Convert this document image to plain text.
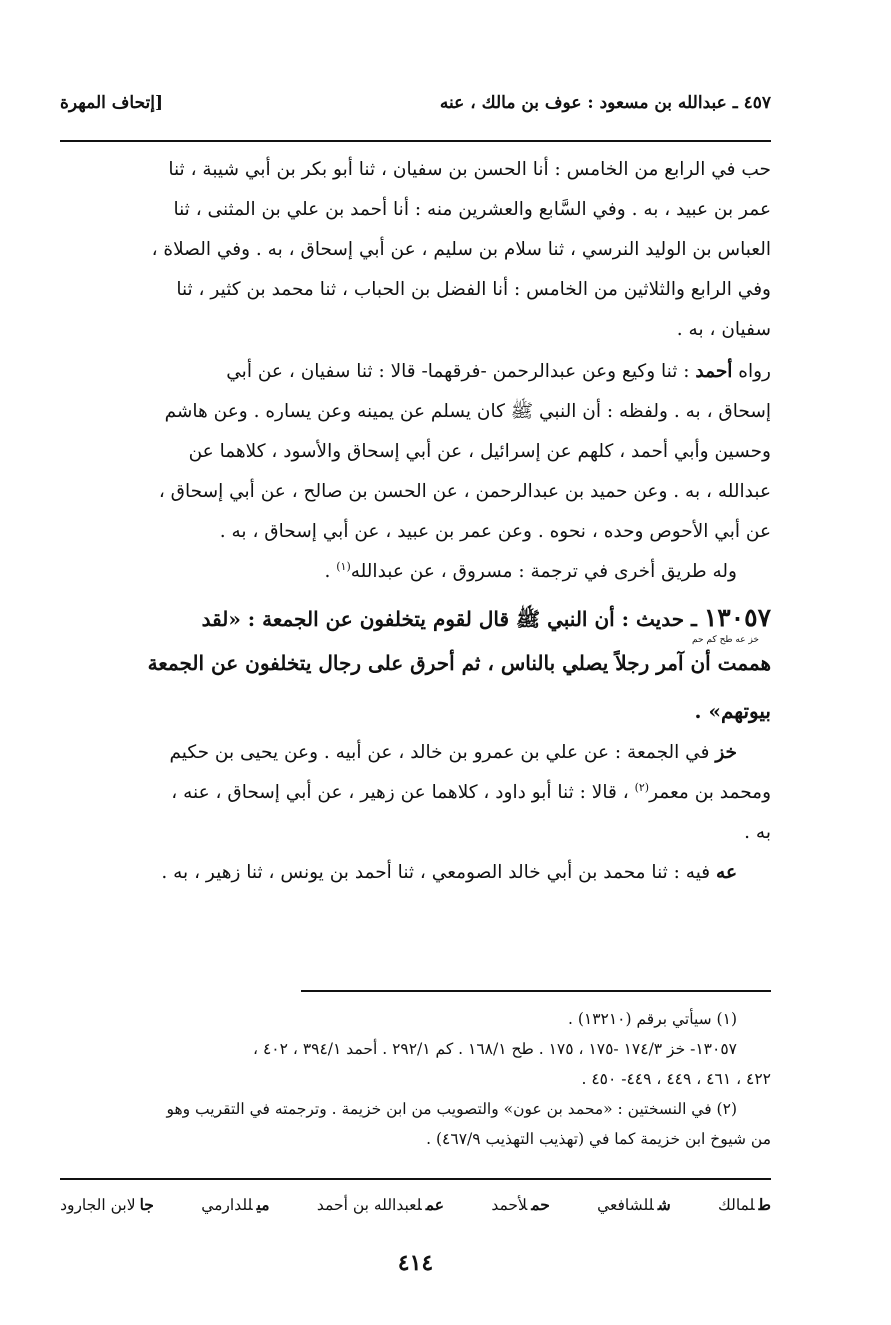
٤٥٧ ـ عبدالله بن مسعود : عوف بن مالك ، عنه
[إتحاف المهرة

حب في الرابع من الخامس : أنا الحسن بن سفيان ، ثنا أبو بكر بن أبي شيبة ، ثنا

عمر بن عبيد ، به . وفي السَّابع والعشرين منه : أنا أحمد بن علي بن المثنى ، ثنا

العباس بن الوليد النرسي ، ثنا سلام بن سليم ، عن أبي إسحاق ، به . وفي الصلاة ،

وفي الرابع والثلاثين من الخامس : أنا الفضل بن الحباب ، ثنا محمد بن كثير ، ثنا

سفيان ، به .

رواه أحمد : ثنا وكيع وعن عبدالرحمن -فرقهما- قالا : ثنا سفيان ، عن أبي

إسحاق ، به . ولفظه : أن النبي ﷺ كان يسلم عن يمينه وعن يساره . وعن هاشم

وحسين وأبي أحمد ، كلهم عن إسرائيل ، عن أبي إسحاق والأسود ، كلاهما عن

عبدالله ، به . وعن حميد بن عبدالرحمن ، عن الحسن بن صالح ، عن أبي إسحاق ،

عن أبي الأحوص وحده ، نحوه . وعن عمر بن عبيد ، عن أبي إسحاق ، به .

وله طريق أخرى في ترجمة : مسروق ، عن عبدالله$^{(١)}$ .

١٣٠٥٧ ـ حديث : أن النبي ﷺ قال لقوم يتخلفون عن الجمعة : «لقد

خز عه طح كم حم

هممت أن آمر رجلاً يصلي بالناس ، ثم أحرق على رجال يتخلفون عن الجمعة

بيوتهم» .

خز في الجمعة : عن علي بن عمرو بن خالد ، عن أبيه . وعن يحيى بن حكيم

ومحمد بن معمر$^{(٢)}$ ، قالا : ثنا أبو داود ، كلاهما عن زهير ، عن أبي إسحاق ، عنه ،

به .

عه فيه : ثنا محمد بن أبي خالد الصومعي ، ثنا أحمد بن يونس ، ثنا زهير ، به .

(١) سيأتي برقم (١٣٢١٠) .

١٣٠٥٧- خز ١٧٤/٣ -١٧٥ ، ١٧٥ . طح ١٦٨/١ . كم ٢٩٢/١ . أحمد ٣٩٤/١ ، ٤٠٢ ،

٤٢٢ ، ٤٦١ ، ٤٤٩ ، ٤٤٩- ٤٥٠ .

(٢) في النسختين : «محمد بن عون» والتصويب من ابن خزيمة . وترجمته في التقريب وهو

من شيوخ ابن خزيمة كما في (تهذيب التهذيب ٤٦٧/٩) .

طلمالك
شللشافعي
حملأحمد
عملعبدالله بن أحمد
ميللدارمي
جالابن الجارود
٤١٤
